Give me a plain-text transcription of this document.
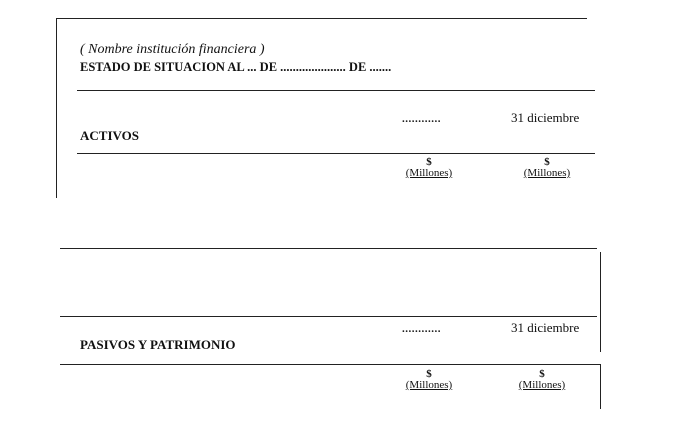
( Nombre institución financiera )
ESTADO DE SITUACION AL ... DE ..................... DE .......
............	31 diciembre
ACTIVOS
$
(Millones)
$
(Millones)
............	31 diciembre
PASIVOS Y PATRIMONIO
$
(Millones)
$
(Millones)
